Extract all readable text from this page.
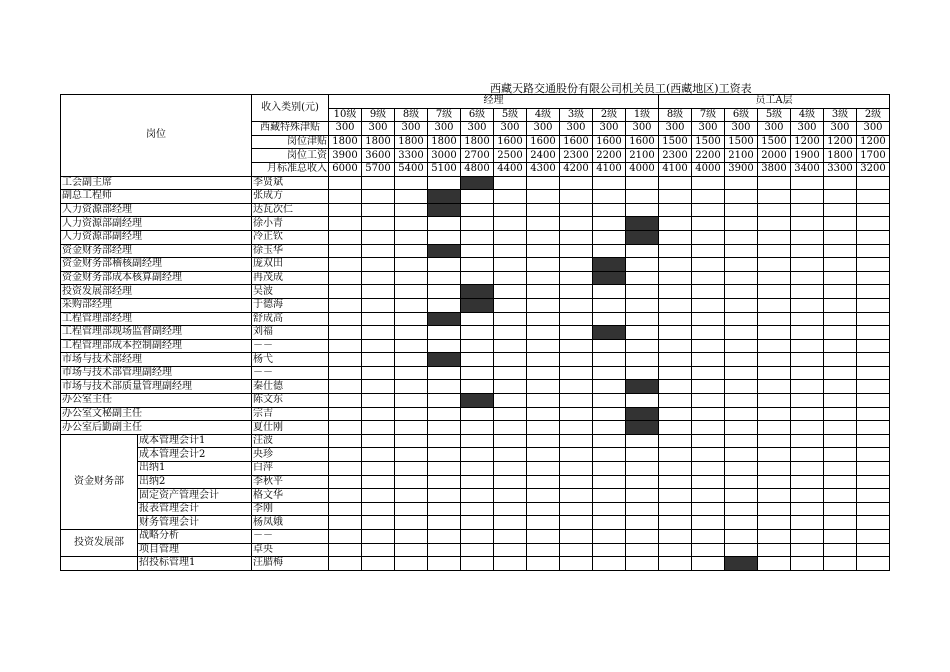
西藏天路交通股份有限公司机关员工(西藏地区)工资表
岗位		收入类别(元)	经理										员工A层						
			10级	9级	8级	7级	6级	5级	4级	3级	2级	1级	8级	7级	6级	5级	4级	3级	2级
		西藏特殊津贴	300	300	300	300	300	300	300	300	300	300	300	300	300	300	300	300	300
		岗位津贴	1800	1800	1800	1800	1800	1600	1600	1600	1600	1600	1500	1500	1500	1500	1200	1200	1200
		岗位工资	3900	3600	3300	3000	2700	2500	2400	2300	2200	2100	2300	2200	2100	2000	1900	1800	1700
		月标准总收入	6000	5700	5400	5100	4800	4400	4300	4200	4100	4000	4100	4000	3900	3800	3400	3300	3200
工会副主席		李贤斌																	
副总工程师		张成方																	
人力资源部经理		达瓦次仁																	
人力资源部副经理		徐小青																	
人力资源部副经理		冷正钦																	
资金财务部经理		徐玉华																	
资金财务部稽核副经理		庞双田																	
资金财务部成本核算副经理		冉茂成																	
投资发展部经理		吴波																	
采购部经理		于德海																	
工程管理部经理		舒成高																	
工程管理部现场监督副经理		刘福																	
工程管理部成本控制副经理		－－																	
市场与技术部经理		杨弋																	
市场与技术部管理副经理		－－																	
市场与技术部质量管理副经理		秦仕德																	
办公室主任		陈文东																	
办公室文秘副主任		宗吉																	
办公室后勤副主任		夏仕刚																	
资金财务部	成本管理会计1	汪波																	
	成本管理会计2	央珍																	
	出纳1	白萍																	
	出纳2	李秋平																	
	固定资产管理会计	格文华																	
	报表管理会计	李刚																	
	财务管理会计	杨凤娥																	
投资发展部	战略分析	－－																	
	项目管理	卓央																	
	招投标管理1	汪腊梅																	
